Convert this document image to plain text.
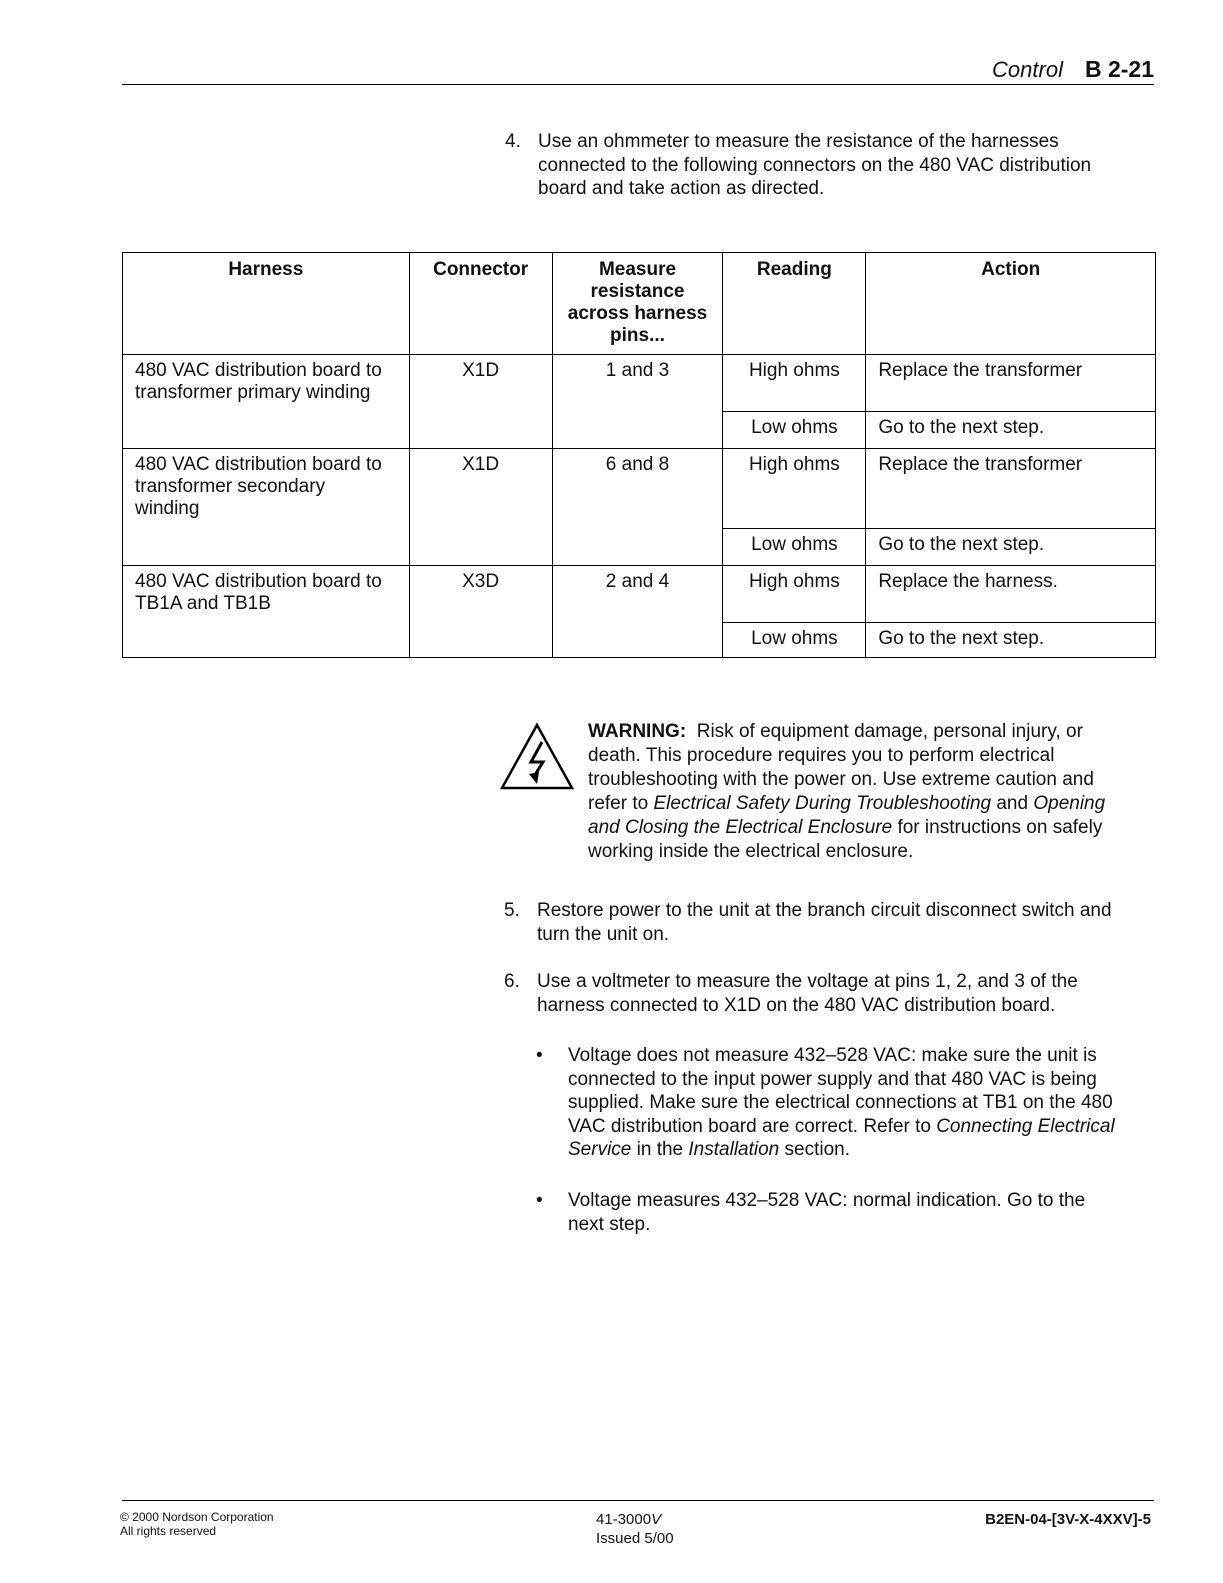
Control B 2-21
4. Use an ohmmeter to measure the resistance of the harnesses
connected to the following connectors on the 480 VAC distribution
board and take action as directed.
Harness	Connector	Measure
resistance
across harness
pins...	Reading	Action

480 VAC distribution board to
transformer primary winding	X1D	1 and 3	High ohms	Replace the transformer
			Low ohms	Go to the next step.

480 VAC distribution board to
transformer secondary
winding	X1D	6 and 8	High ohms	Replace the transformer
			Low ohms	Go to the next step.

480 VAC distribution board to
TB1A and TB1B	X3D	2 and 4	High ohms	Replace the harness.
			Low ohms	Go to the next step.
WARNING: Risk of equipment damage, personal injury, or
death. This procedure requires you to perform electrical
troubleshooting with the power on. Use extreme caution and
refer to Electrical Safety During Troubleshooting and Opening
and Closing the Electrical Enclosure for instructions on safely
working inside the electrical enclosure.
5. Restore power to the unit at the branch circuit disconnect switch and
turn the unit on.
6. Use a voltmeter to measure the voltage at pins 1, 2, and 3 of the
harness connected to X1D on the 480 VAC distribution board.
• Voltage does not measure 432–528 VAC: make sure the unit is
connected to the input power supply and that 480 VAC is being
supplied. Make sure the electrical connections at TB1 on the 480
VAC distribution board are correct. Refer to Connecting Electrical
Service in the Installation section.
• Voltage measures 432–528 VAC: normal indication. Go to the
next step.
© 2000 Nordson Corporation
All rights reserved
41-3000V
Issued 5/00
B2EN-04-[3V-X-4XXV]-5
